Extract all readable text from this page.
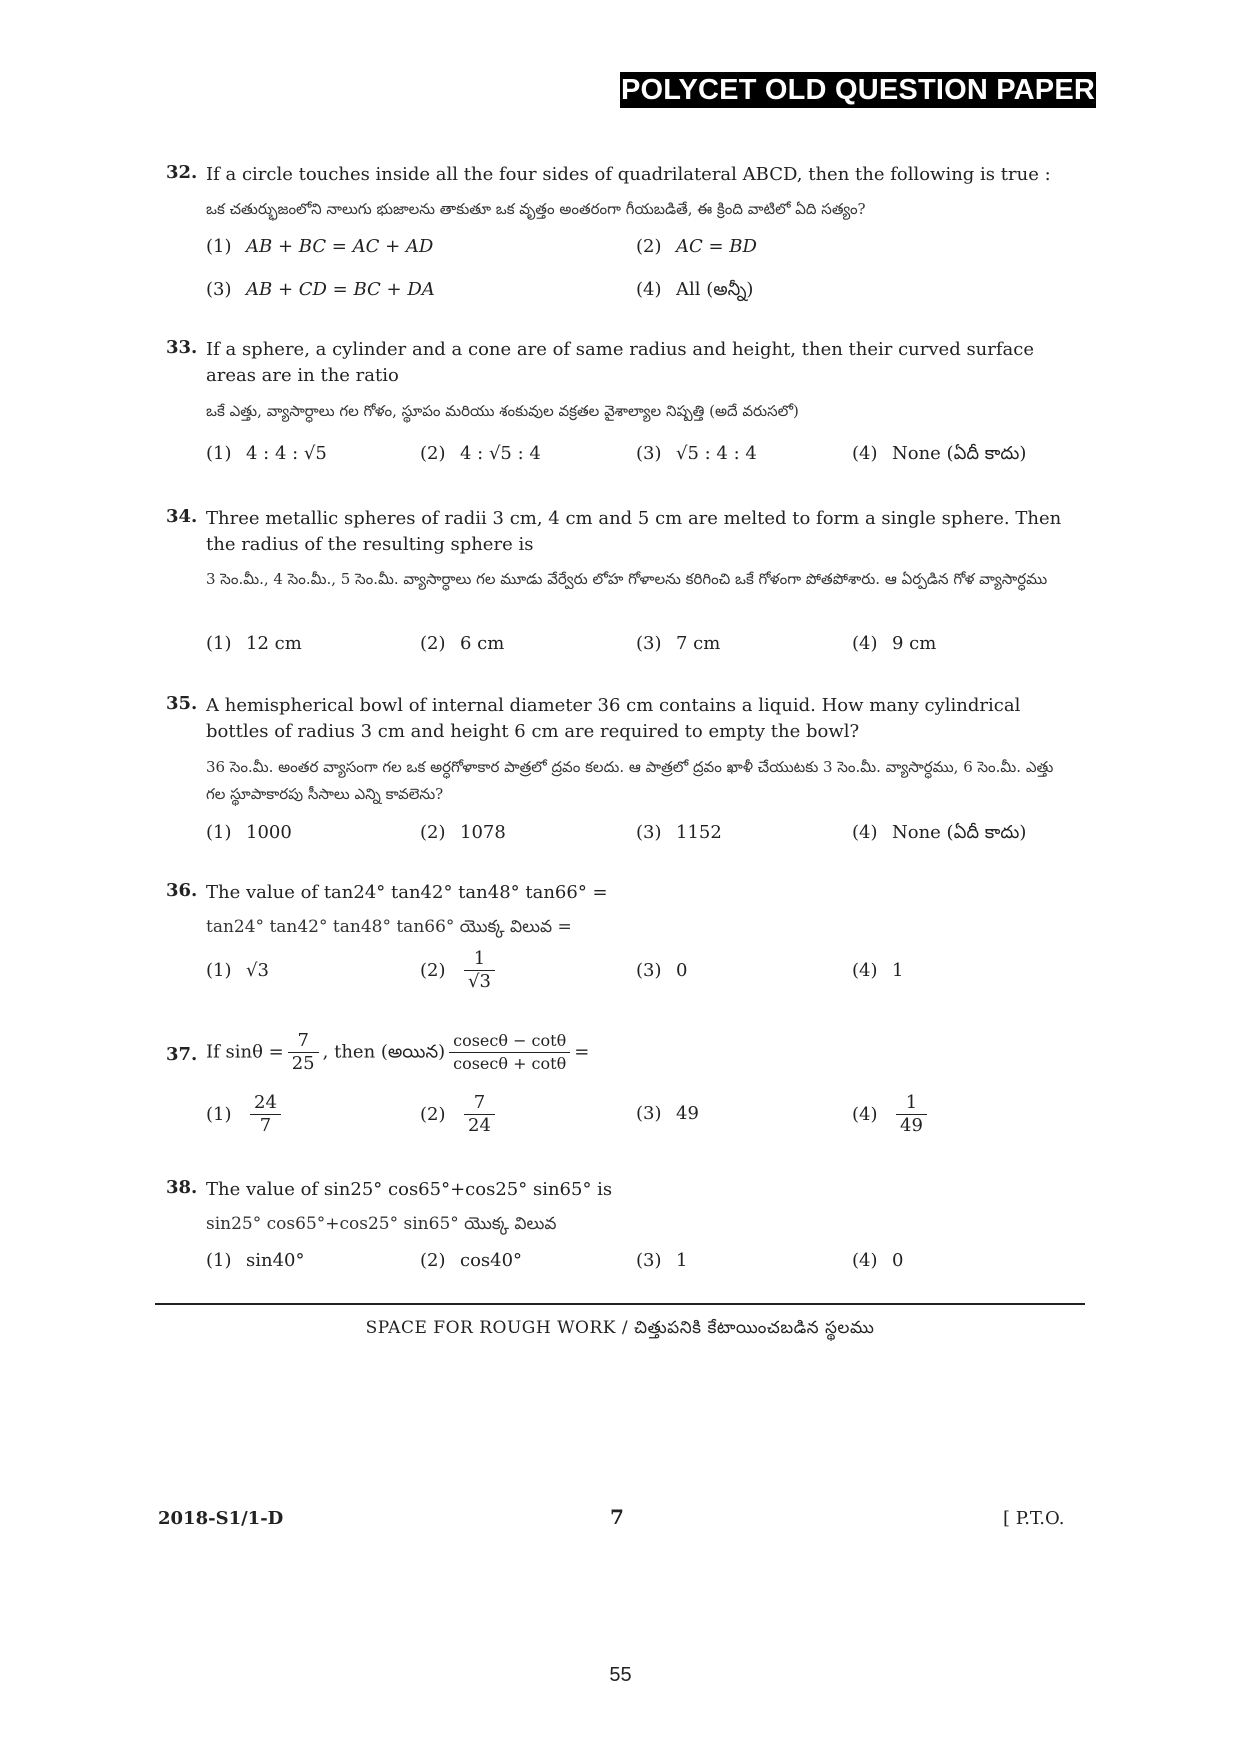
POLYCET OLD QUESTION PAPER
32. If a circle touches inside all the four sides of quadrilateral ABCD, then the following is true :
ఒక చతుర్భుజంలోని నాలుగు భుజాలను తాకుతూ ఒక వృత్తం అంతరంగా గీయబడితే, ఈ క్రింది వాటిలో ఏది సత్యం?
(1) AB + BC = AC + AD	(2) AC = BD
(3) AB + CD = BC + DA	(4) All (అన్నీ)
33. If a sphere, a cylinder and a cone are of same radius and height, then their curved surface areas are in the ratio
ఒకే ఎత్తు, వ్యాసార్ధాలు గల గోళం, స్థూపం మరియు శంకువుల వక్రతల వైశాల్యాల నిష్పత్తి (అదే వరుసలో)
(1) 4 : 4 : √5	(2) 4 : √5 : 4	(3) √5 : 4 : 4	(4) None (ఏదీ కాదు)
34. Three metallic spheres of radii 3 cm, 4 cm and 5 cm are melted to form a single sphere. Then the radius of the resulting sphere is
3 సెం.మీ., 4 సెం.మీ., 5 సెం.మీ. వ్యాసార్ధాలు గల మూడు వేర్వేరు లోహ గోళాలను కరిగించి ఒకే గోళంగా పోతపోశారు. ఆ ఏర్పడిన గోళ వ్యాసార్ధము
(1) 12 cm	(2) 6 cm	(3) 7 cm	(4) 9 cm
35. A hemispherical bowl of internal diameter 36 cm contains a liquid. How many cylindrical bottles of radius 3 cm and height 6 cm are required to empty the bowl?
36 సెం.మీ. అంతర వ్యాసంగా గల ఒక అర్ధగోళాకార పాత్రలో ద్రవం కలదు. ఆ పాత్రలో ద్రవం ఖాళీ చేయుటకు 3 సెం.మీ. వ్యాసార్ధము, 6 సెం.మీ. ఎత్తు గల స్థూపాకారపు సీసాలు ఎన్ని కావలెను?
(1) 1000	(2) 1078	(3) 1152	(4) None (ఏదీ కాదు)
36. The value of tan24° tan42° tan48° tan66° =
tan24° tan42° tan48° tan66° యొక్క విలువ =
(1) √3	$(2) \frac{1}{√3}$	(3) 0	(4) 1
37. If $\sin\theta = \frac{7}{25}$ , then (అయిన) $\frac{cosec\theta - \cot\theta}{cosec\theta + \cot\theta}$ =
$(1) \frac{24}{7}$	$(2) \frac{7}{24}$	(3) 49	$(4) \frac{1}{49}$
38. The value of sin25° cos65°+cos25° sin65° is
sin25° cos65°+cos25° sin65° యొక్క విలువ
(1) sin40°	(2) cos40°	(3) 1	(4) 0
SPACE FOR ROUGH WORK / చిత్తుపనికి కేటాయించబడిన స్థలము
2018-S1/1-D	7	[ P.T.O.
55
